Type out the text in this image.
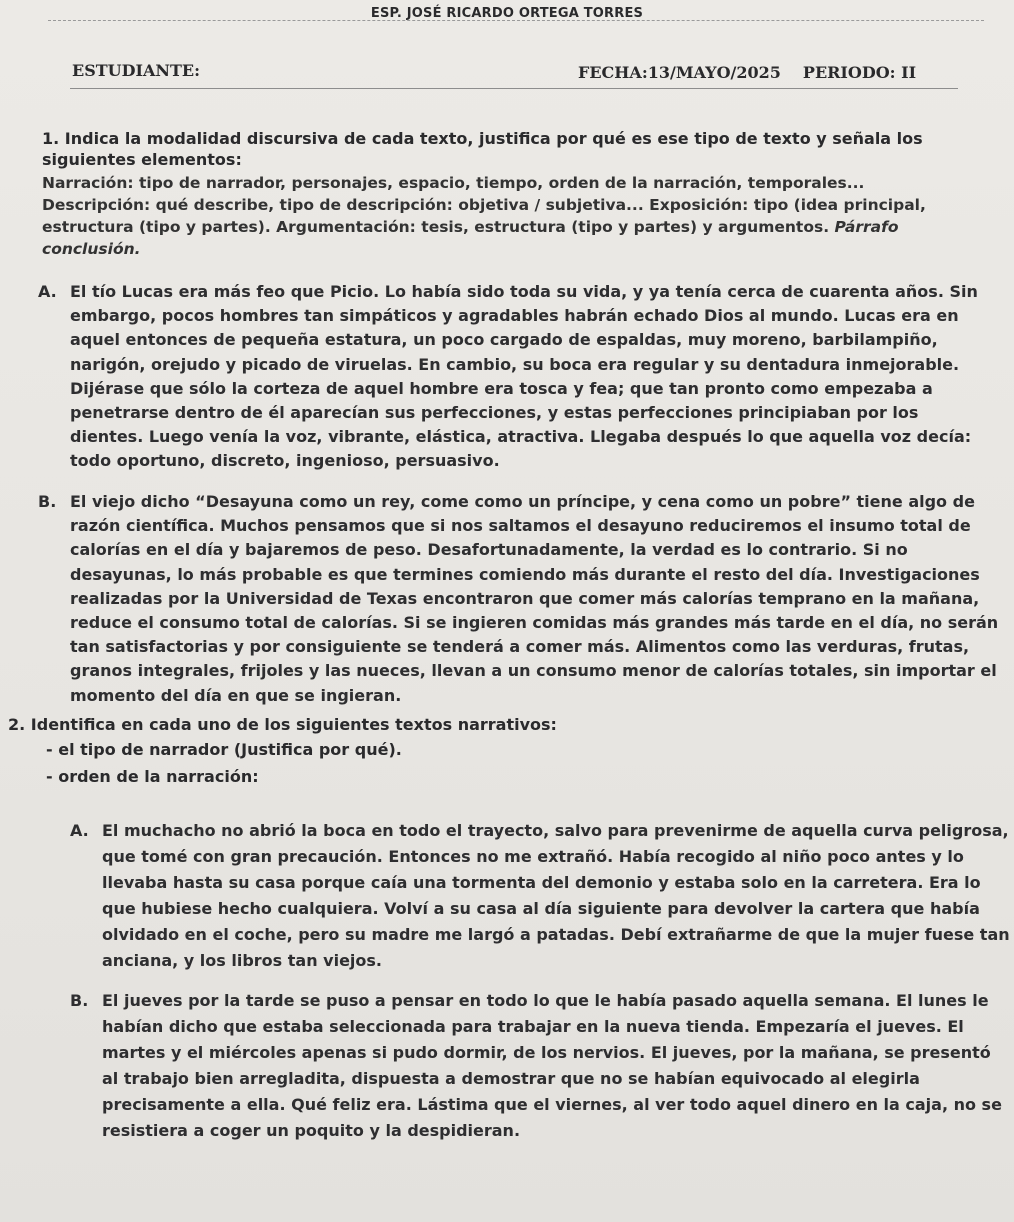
ESP. JOSÉ RICARDO ORTEGA TORRES
ESTUDIANTE:	FECHA:13/MAYO/2025 PERIODO: II
1. Indica la modalidad discursiva de cada texto, justifica por qué es ese tipo de texto y señala los siguientes elementos:
Narración: tipo de narrador, personajes, espacio, tiempo, orden de la narración, temporales... Descripción: qué describe, tipo de descripción: objetiva / subjetiva... Exposición: tipo (idea principal, estructura (tipo y partes). Argumentación: tesis, estructura (tipo y partes) y argumentos. Párrafo conclusión.
A. El tío Lucas era más feo que Picio. Lo había sido toda su vida, y ya tenía cerca de cuarenta años. Sin embargo, pocos hombres tan simpáticos y agradables habrán echado Dios al mundo. Lucas era en aquel entonces de pequeña estatura, un poco cargado de espaldas, muy moreno, barbilampiño, narigón, orejudo y picado de viruelas. En cambio, su boca era regular y su dentadura inmejorable. Dijérase que sólo la corteza de aquel hombre era tosca y fea; que tan pronto como empezaba a penetrarse dentro de él aparecían sus perfecciones, y estas perfecciones principiaban por los dientes. Luego venía la voz, vibrante, elástica, atractiva. Llegaba después lo que aquella voz decía: todo oportuno, discreto, ingenioso, persuasivo.
B. El viejo dicho “Desayuna como un rey, come como un príncipe, y cena como un pobre” tiene algo de razón científica. Muchos pensamos que si nos saltamos el desayuno reduciremos el insumo total de calorías en el día y bajaremos de peso. Desafortunadamente, la verdad es lo contrario. Si no desayunas, lo más probable es que termines comiendo más durante el resto del día. Investigaciones realizadas por la Universidad de Texas encontraron que comer más calorías temprano en la mañana, reduce el consumo total de calorías. Si se ingieren comidas más grandes más tarde en el día, no serán tan satisfactorias y por consiguiente se tenderá a comer más. Alimentos como las verduras, frutas, granos integrales, frijoles y las nueces, llevan a un consumo menor de calorías totales, sin importar el momento del día en que se ingieran.
2. Identifica en cada uno de los siguientes textos narrativos:
- el tipo de narrador (Justifica por qué).
- orden de la narración:
A. El muchacho no abrió la boca en todo el trayecto, salvo para prevenirme de aquella curva peligrosa, que tomé con gran precaución. Entonces no me extrañó. Había recogido al niño poco antes y lo llevaba hasta su casa porque caía una tormenta del demonio y estaba solo en la carretera. Era lo que hubiese hecho cualquiera. Volví a su casa al día siguiente para devolver la cartera que había olvidado en el coche, pero su madre me largó a patadas. Debí extrañarme de que la mujer fuese tan anciana, y los libros tan viejos.
B. El jueves por la tarde se puso a pensar en todo lo que le había pasado aquella semana. El lunes le habían dicho que estaba seleccionada para trabajar en la nueva tienda. Empezaría el jueves. El martes y el miércoles apenas si pudo dormir, de los nervios. El jueves, por la mañana, se presentó al trabajo bien arregladita, dispuesta a demostrar que no se habían equivocado al elegirla precisamente a ella. Qué feliz era. Lástima que el viernes, al ver todo aquel dinero en la caja, no se resistiera a coger un poquito y la despidieran.
